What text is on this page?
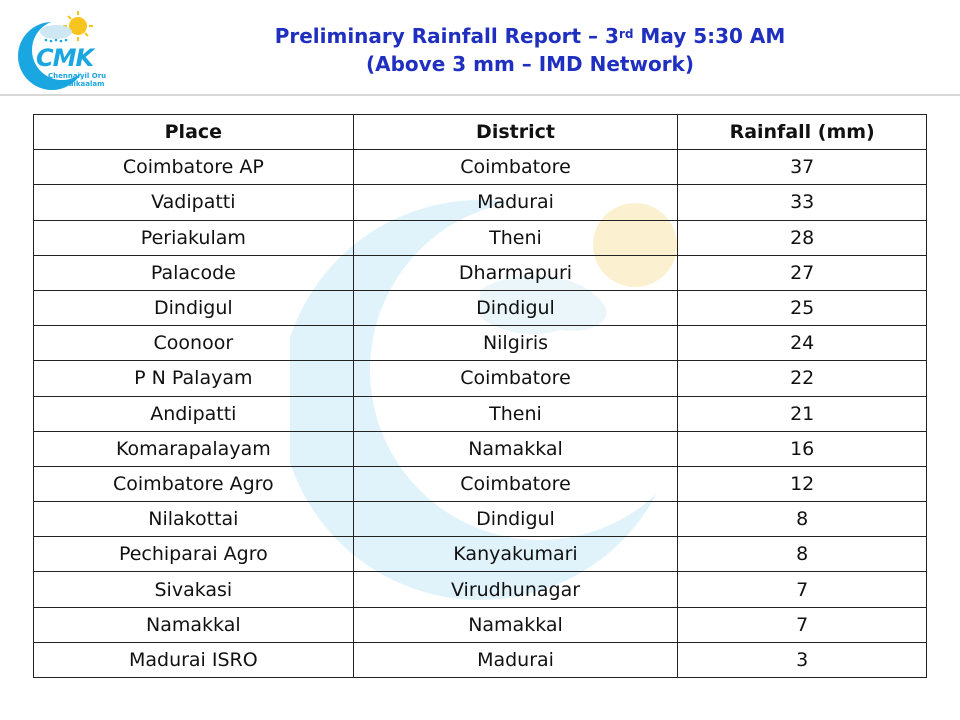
CMK
Chennaiyil Oru
Mazhaikaalam
Preliminary Rainfall Report – 3rd May 5:30 AM
(Above 3 mm – IMD Network)
Place	District	Rainfall (mm)
Coimbatore AP	Coimbatore	37
Vadipatti	Madurai	33
Periakulam	Theni	28
Palacode	Dharmapuri	27
Dindigul	Dindigul	25
Coonoor	Nilgiris	24
P N Palayam	Coimbatore	22
Andipatti	Theni	21
Komarapalayam	Namakkal	16
Coimbatore Agro	Coimbatore	12
Nilakottai	Dindigul	8
Pechiparai Agro	Kanyakumari	8
Sivakasi	Virudhunagar	7
Namakkal	Namakkal	7
Madurai ISRO	Madurai	3
